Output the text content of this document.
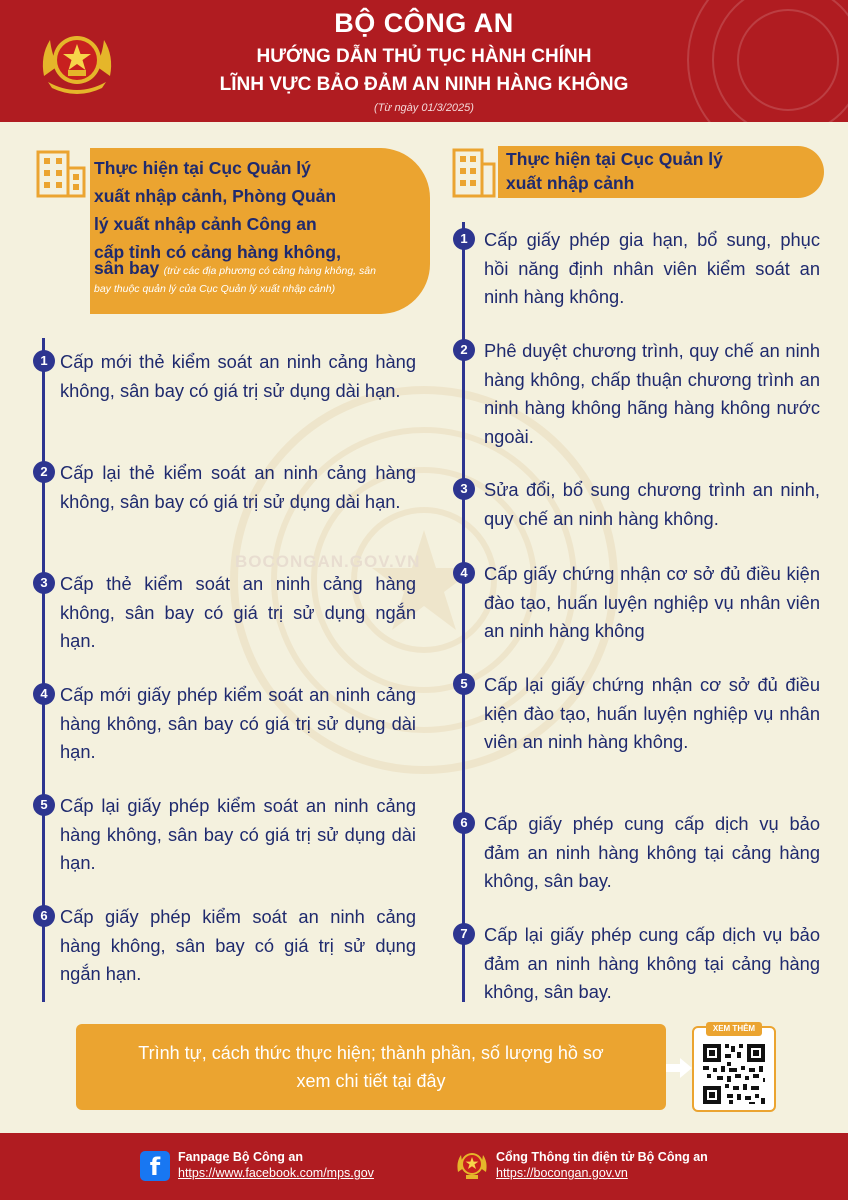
BỘ CÔNG AN
HƯỚNG DẪN THỦ TỤC HÀNH CHÍNH
LĨNH VỰC BẢO ĐẢM AN NINH HÀNG KHÔNG
(Từ ngày 01/3/2025)
BOCONGAN.GOV.VN
Thực hiện tại Cục Quản lý
xuất nhập cảnh, Phòng Quản
lý xuất nhập cảnh Công an
cấp tỉnh có cảng hàng không,
sân bay (trừ các địa phương có cảng hàng không, sân bay thuộc quản lý của Cục Quản lý xuất nhập cảnh)
Thực hiện tại Cục Quản lý
xuất nhập cảnh
1 Cấp mới thẻ kiểm soát an ninh cảng hàng không, sân bay có giá trị sử dụng dài hạn.
2 Cấp lại thẻ kiểm soát an ninh cảng hàng không, sân bay có giá trị sử dụng dài hạn.
3 Cấp thẻ kiểm soát an ninh cảng hàng không, sân bay có giá trị sử dụng ngắn hạn.
4 Cấp mới giấy phép kiểm soát an ninh cảng hàng không, sân bay có giá trị sử dụng dài hạn.
5 Cấp lại giấy phép kiểm soát an ninh cảng hàng không, sân bay có giá trị sử dụng dài hạn.
6 Cấp giấy phép kiểm soát an ninh cảng hàng không, sân bay có giá trị sử dụng ngắn hạn.
1 Cấp giấy phép gia hạn, bổ sung, phục hồi năng định nhân viên kiểm soát an ninh hàng không.
2 Phê duyệt chương trình, quy chế an ninh hàng không, chấp thuận chương trình an ninh hàng không hãng hàng không nước ngoài.
3 Sửa đổi, bổ sung chương trình an ninh, quy chế an ninh hàng không.
4 Cấp giấy chứng nhận cơ sở đủ điều kiện đào tạo, huấn luyện nghiệp vụ nhân viên an ninh hàng không
5 Cấp lại giấy chứng nhận cơ sở đủ điều kiện đào tạo, huấn luyện nghiệp vụ nhân viên an ninh hàng không.
6 Cấp giấy phép cung cấp dịch vụ bảo đảm an ninh hàng không tại cảng hàng không, sân bay.
7 Cấp lại giấy phép cung cấp dịch vụ bảo đảm an ninh hàng không tại cảng hàng không, sân bay.
Trình tự, cách thức thực hiện; thành phần, số lượng hồ sơ
xem chi tiết tại đây
XEM THÊM
f	Fanpage Bộ Công an
https://www.facebook.com/mps.gov
Cổng Thông tin điện tử Bộ Công an
https://bocongan.gov.vn
